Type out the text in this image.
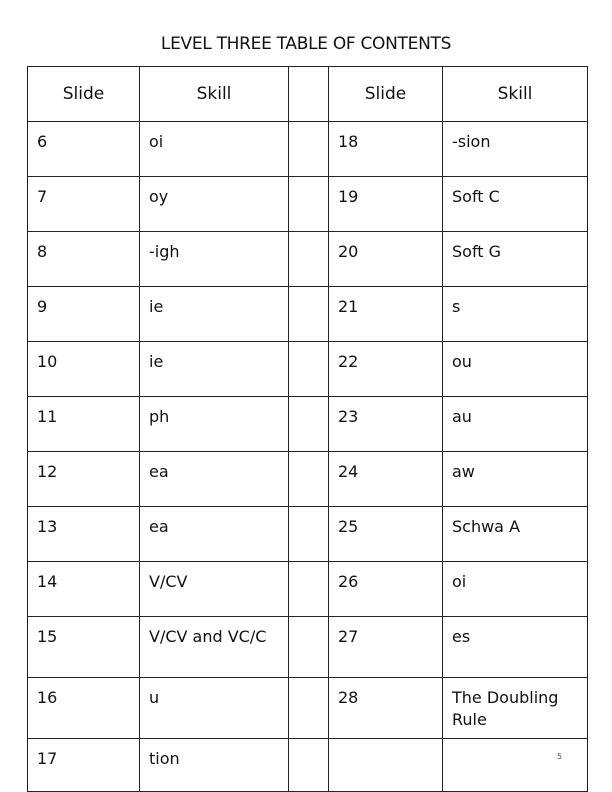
LEVEL THREE TABLE OF CONTENTS
Slide	Skill		Slide	Skill

6	oi		18	-sion

7	oy		19	Soft C

8	-igh		20	Soft G

9	ie		21	s

10	ie		22	ou

11	ph		23	au

12	ea		24	aw

13	ea		25	Schwa A

14	V/CV		26	oi

15	V/CV and VC/C		27	es

16	u		28	The Doubling Rule

17	tion			

		5
